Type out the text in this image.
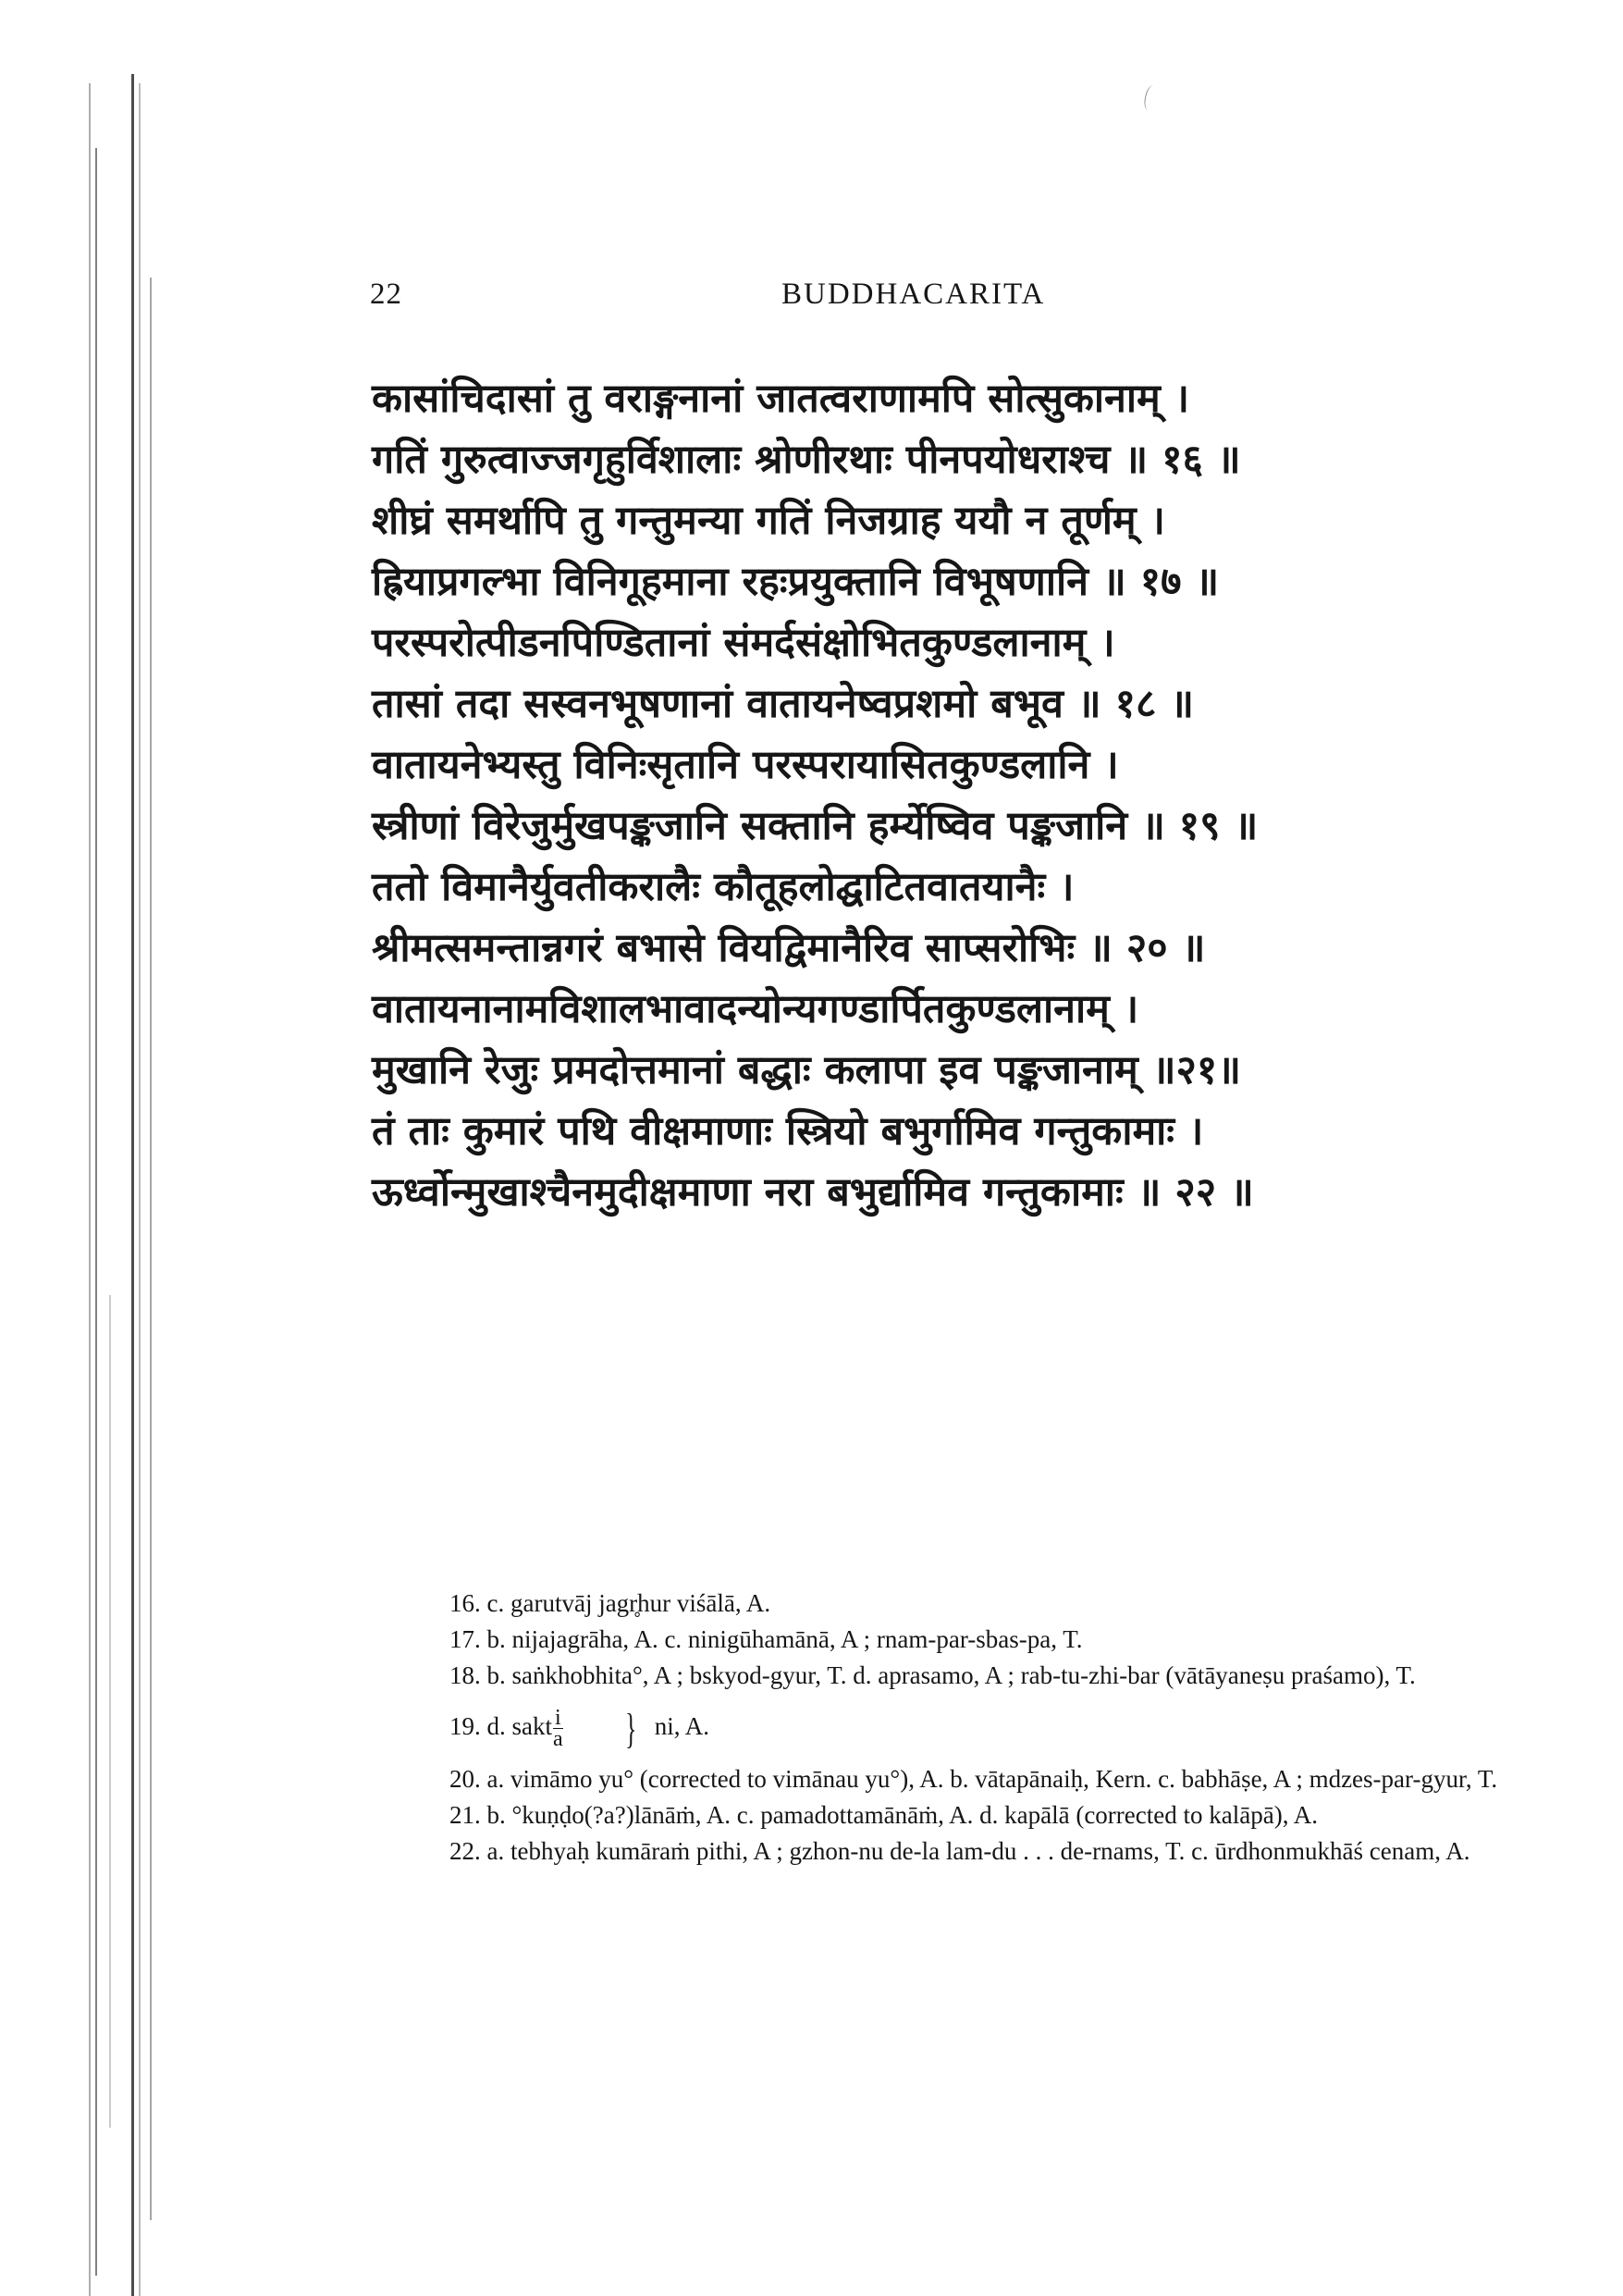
22	BUDDHACARITA
कासांचिदासां तु वराङ्गनानां जातत्वराणामपि सोत्सुकानाम् ।
गतिं गुरुत्वाज्जगृहुर्विशालाः श्रोणीरथाः पीनपयोधराश्च ॥ १६ ॥
शीघ्रं समर्थापि तु गन्तुमन्या गतिं निजग्राह ययौ न तूर्णम् ।
ह्रियाप्रगल्भा विनिगूहमाना रहःप्रयुक्तानि विभूषणानि ॥ १७ ॥
परस्परोत्पीडनपिण्डितानां संमर्दसंक्षोभितकुण्डलानाम् ।
तासां तदा सस्वनभूषणानां वातायनेष्वप्रशमो बभूव ॥ १८ ॥
वातायनेभ्यस्तु विनिःसृतानि परस्परायासितकुण्डलानि ।
स्त्रीणां विरेजुर्मुखपङ्कजानि सक्तानि हर्म्येष्विव पङ्कजानि ॥ १९ ॥
ततो विमानैर्युवतीकरालैः कौतूहलोद्घाटितवातयानैः ।
श्रीमत्समन्तान्नगरं बभासे वियद्विमानैरिव साप्सरोभिः ॥ २० ॥
वातायनानामविशालभावादन्योन्यगण्डार्पितकुण्डलानाम् ।
मुखानि रेजुः प्रमदोत्तमानां बद्धाः कलापा इव पङ्कजानाम् ॥२१॥
तं ताः कुमारं पथि वीक्षमाणाः स्त्रियो बभुर्गामिव गन्तुकामाः ।
ऊर्ध्वोन्मुखाश्चैनमुदीक्षमाणा नरा बभुर्द्यामिव गन्तुकामाः ॥ २२ ॥

16. c. garutvāj jagr̥hur viśālā, A.

17. b. nijajagrāha, A. c. ninigūhamānā, A ; rnam-par-sbas-pa, T.

18. b. saṅkhobhita°, A ; bskyod-gyur, T. d. aprasamo, A ; rab-tu-zhi-bar (vātāyaneṣu praśamo), T.

19. d. sakt $\frac{i}{a}$ } ni, A.

20. a. vimāmo yu° (corrected to vimānau yu°), A. b. vātapānaiḥ, Kern. c. babhāṣe, A ; mdzes-par-gyur, T.

21. b. °kuṇḍo(?a?)lānāṁ, A. c. pamadottamānāṁ, A. d. kapālā (corrected to kalāpā), A.

22. a. tebhyaḥ kumāraṁ pithi, A ; gzhon-nu de-la lam-du . . . de-rnams, T. c. ūrdhonmukhāś cenam, A.
